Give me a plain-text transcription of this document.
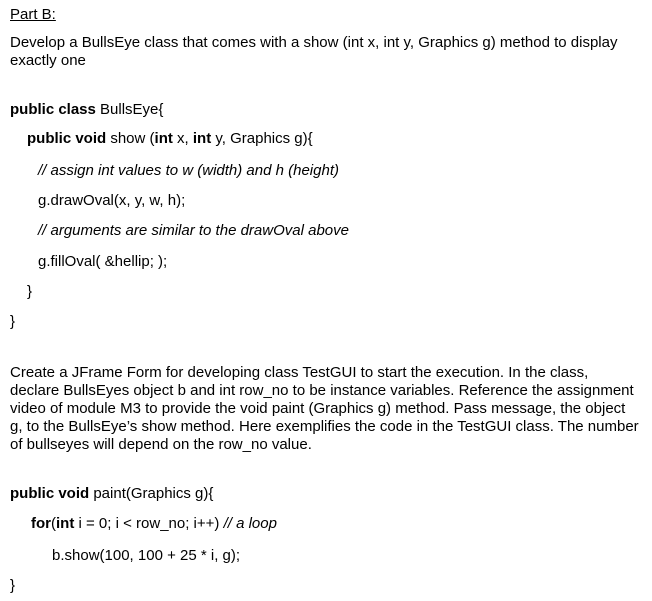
Part B:
Develop a BullsEye class that comes with a show (int x, int y, Graphics g) method to display exactly one
public class BullsEye{
public void show (int x, int y, Graphics g){
// assign int values to w (width) and h (height)
g.drawOval(x, y, w, h);
// arguments are similar to the drawOval above
g.fillOval( &hellip; );
}
}
Create a JFrame Form for developing class TestGUI to start the execution. In the class, declare BullsEyes object b and int row_no to be instance variables. Reference the assignment video of module M3 to provide the void paint (Graphics g) method. Pass message, the object g, to the BullsEye’s show method. Here exemplifies the code in the TestGUI class. The number of bullseyes will depend on the row_no value.
public void paint(Graphics g){
for(int i = 0; i < row_no; i++) // a loop
b.show(100, 100 + 25 * i, g);
}
